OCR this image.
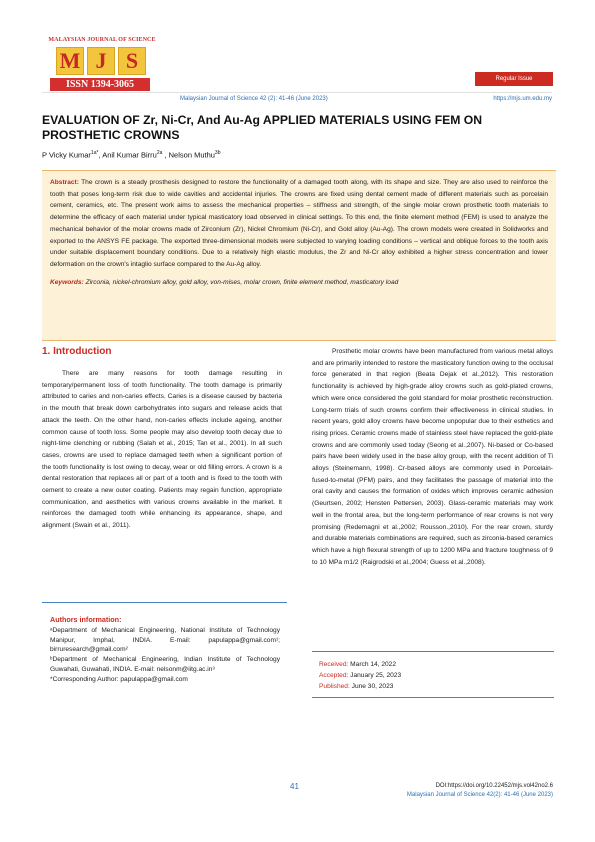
MALAYSIAN JOURNAL OF SCIENCE
M J S
ISSN 1394-3065	Regular Issue
Malaysian Journal of Science 42 (2): 41-46 (June 2023)	https://mjs.um.edu.my
EVALUATION OF Zr, Ni-Cr, And Au-Ag APPLIED MATERIALS USING FEM ON PROSTHETIC CROWNS
P Vicky Kumar$^{1a*}$, Anil Kumar Birru$^{2a}$ , Nelson Muthu$^{3b}$
Abstract: The crown is a steady prosthesis designed to restore the functionality of a damaged tooth along, with its shape and size. They are also used to reinforce the tooth that poses long-term risk due to wide cavities and accidental injuries. The crowns are fixed using dental cement made of different materials such as porcelain cement, ceramics, etc. The present work aims to assess the mechanical properties – stiffness and strength, of the single molar crown prosthetic tooth materials to determine the efficacy of each material under typical masticatory load observed in clinical settings. To this end, the finite element method (FEM) is used to analyze the mechanical behavior of the molar crowns made of Zirconium (Zr), Nickel Chromium (Ni-Cr), and Gold alloy (Au-Ag). The crown models were created in Solidworks and exported to the ANSYS FE package. The exported three-dimensional models were subjected to varying loading conditions – vertical and oblique forces to the tooth axis under suitable displacement boundary conditions. Due to a relatively high elastic modulus, the Zr and Ni-Cr alloy exhibited a higher stress concentration and lower deformation on the crown's intaglio surface compared to the Au-Ag alloy.
Keywords: Zirconia, nickel-chromium alloy, gold alloy, von-mises, molar crown, finite element method, masticatory load
1. Introduction

There are many reasons for tooth damage resulting in temporary/permanent loss of tooth functionality. The tooth damage is primarily attributed to caries and non-caries effects. Caries is a disease caused by bacteria in the mouth that break down carbohydrates into sugars and release acids that attack the teeth. On the other hand, non-caries effects include ageing, another common cause of tooth loss. Some people may also develop tooth decay due to night-time clenching or rubbing (Salah et al., 2015; Tan et al., 2001). In all such cases, crowns are used to replace damaged teeth when a significant portion of the tooth functionality is lost owing to decay, wear or old filling errors. A crown is a dental restoration that replaces all or part of a tooth and is fixed to the tooth with cement to create a new outer coating. Patients may regain function, appropriate communication, and aesthetics with various crowns available in the market. It reinforces the damaged tooth while enhancing its appearance, shape, and alignment (Swain et al., 2011).

Prosthetic molar crowns have been manufactured from various metal alloys and are primarily intended to restore the masticatory function owing to the occlusal force generated in that region (Beata Dejak et al.,2012). This restoration functionality is achieved by high-grade alloy crowns such as gold-plated crowns, which were once considered the gold standard for molar prosthetic reconstruction. Long-term trials of such crowns confirm their effectiveness in clinical studies. In recent years, gold alloy crowns have become unpopular due to their esthetics and rising prices. Ceramic crowns made of stainless steel have replaced the gold-plate crowns and are commonly used today (Seong et al.,2007). Ni-based or Co-based pairs have been widely used in the base alloy group, with the recent addition of Ti alloys (Steinemann, 1998). Cr-based alloys are commonly used in Porcelain-fused-to-metal (PFM) pairs, and they facilitates the passage of material into the oral cavity and causes the formation of oxides which improves ceramic adhesion (Geurtsen, 2002; Hensten Pettersen, 2003). Glass-ceramic materials may work well in the frontal area, but the long-term performance of rear crowns is not very promising (Redemagni et al.,2002; Rousson.,2010). For the rear crown, sturdy and durable materials combinations are required, such as zirconia-based ceramics which have a high flexural strength of up to 1200 MPa and fracture toughness of 9 to 10 MPa m1/2 (Raigrodski et al.,2004; Guess et al.,2008).

Authors information:

ᵃDepartment of Mechanical Engineering, National Institute of Technology Manipur, Imphal, INDIA. E-mail: papulappa@gmail.com¹; birruresearch@gmail.com²

ᵇDepartment of Mechanical Engineering, Indian Institute of Technology Guwahati, Guwahati, INDIA. E-mail: nelsonm@iitg.ac.in³

*Corresponding Author: papulappa@gmail.com

Received: March 14, 2022
Accepted: January 25, 2023
Published: June 30, 2023
41	DOI:https://doi.org/10.22452/mjs.vol42no2.6
Malaysian Journal of Science 42(2): 41-46 (June 2023)
